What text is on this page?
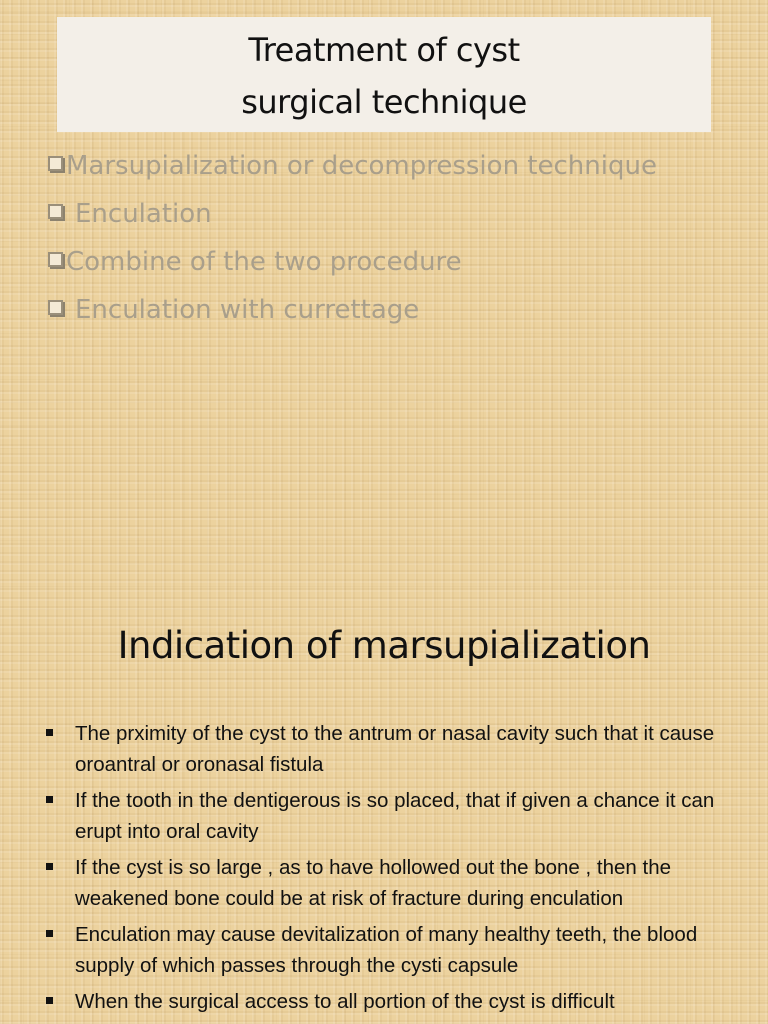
Treatment of cyst
surgical technique
Marsupialization or decompression technique
Enculation
Combine of the two procedure
Enculation with currettage
Indication of marsupialization
The prximity of the cyst to the antrum or nasal cavity such that it cause oroantral or oronasal fistula
If the tooth in the dentigerous is so placed, that if given a chance it can erupt into oral cavity
If the cyst is so large , as to have hollowed out the bone , then the weakened bone could be at risk of fracture during enculation
Enculation may cause devitalization of many healthy teeth, the blood supply of which passes through the cysti capsule
When the surgical access to all portion of the cyst is difficult
